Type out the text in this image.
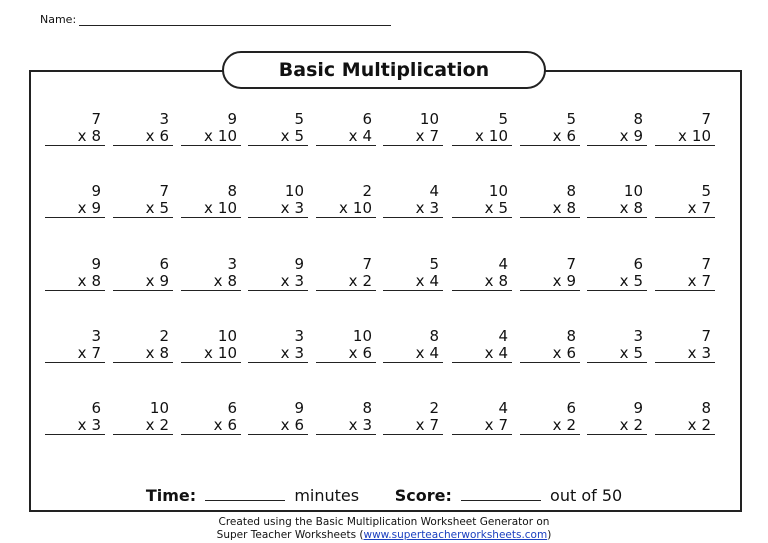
Name:
Basic Multiplication
7
x 8
3
x 6
9
x 10
5
x 5
6
x 4
10
x 7
5
x 10
5
x 6
8
x 9
7
x 10
9
x 9
7
x 5
8
x 10
10
x 3
2
x 10
4
x 3
10
x 5
8
x 8
10
x 8
5
x 7
9
x 8
6
x 9
3
x 8
9
x 3
7
x 2
5
x 4
4
x 8
7
x 9
6
x 5
7
x 7
3
x 7
2
x 8
10
x 10
3
x 3
10
x 6
8
x 4
4
x 4
8
x 6
3
x 5
7
x 3
6
x 3
10
x 2
6
x 6
9
x 6
8
x 3
2
x 7
4
x 7
6
x 2
9
x 2
8
x 2
Time:	minutes Score:	out of 50
Created using the Basic Multiplication Worksheet Generator on
Super Teacher Worksheets (www.superteacherworksheets.com)
